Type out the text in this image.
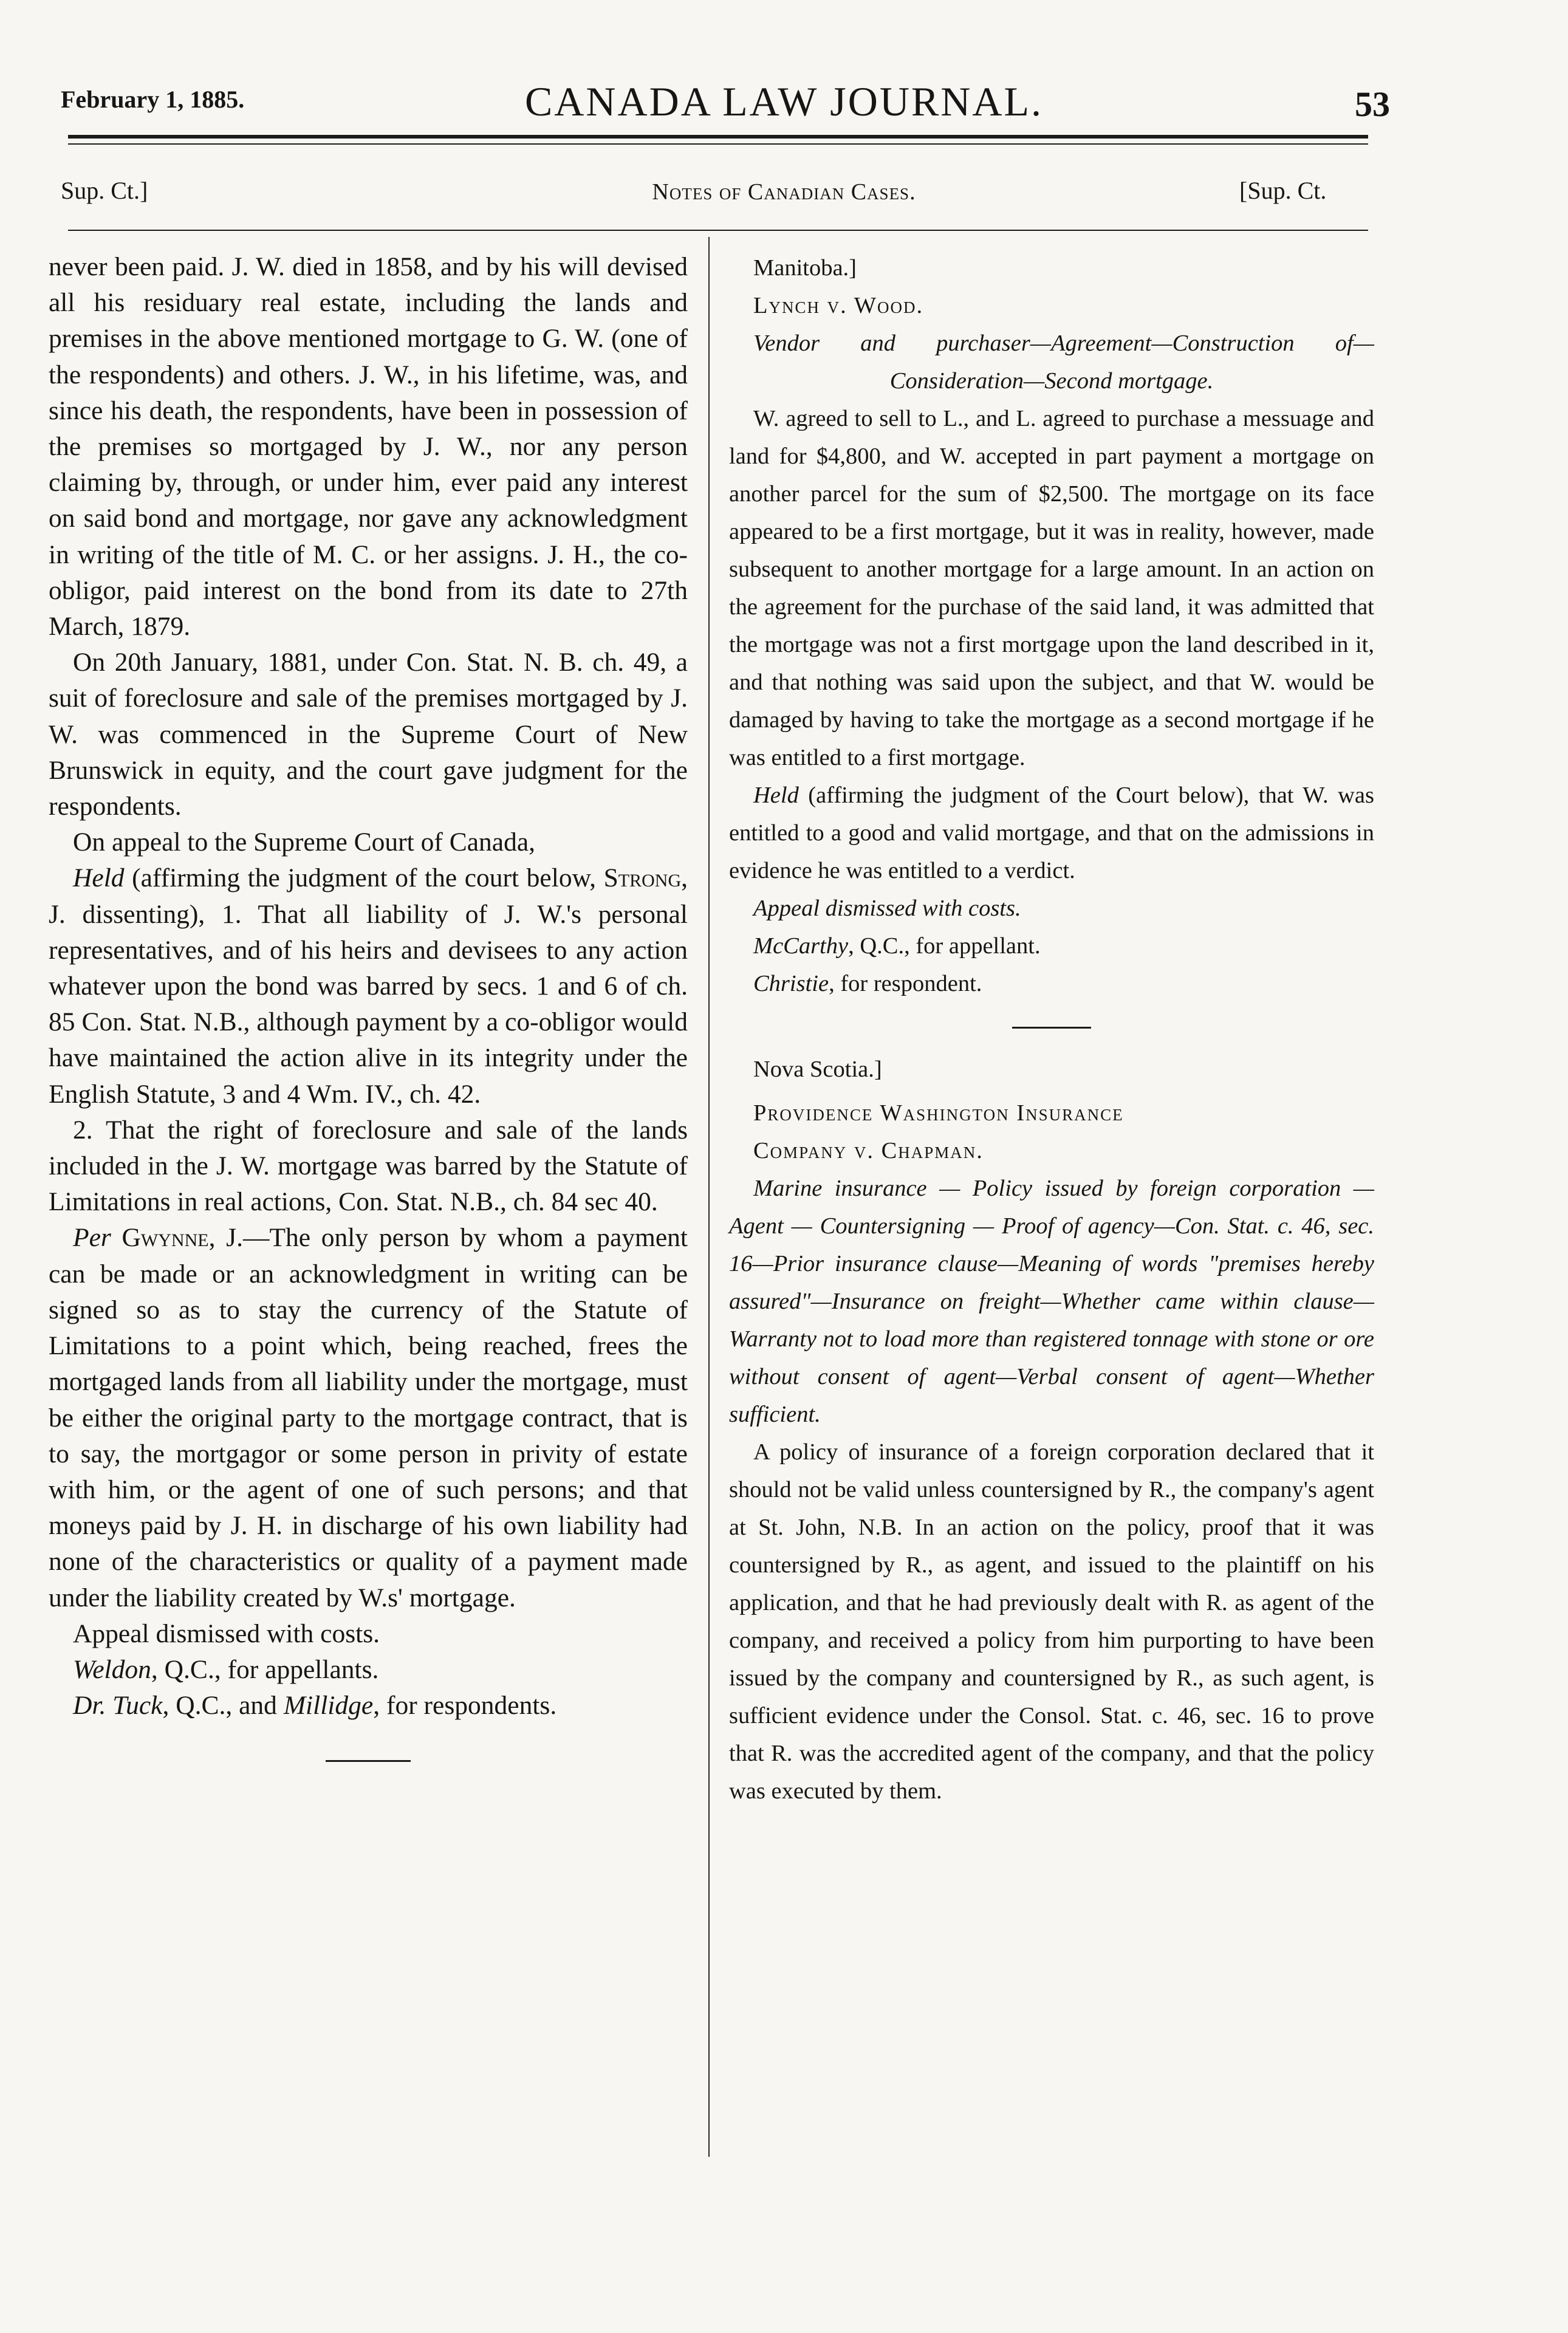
February 1, 1885.	CANADA LAW JOURNAL.	53
Sup. Ct.]	Notes of Canadian Cases.	[Sup. Ct.

never been paid. J. W. died in 1858, and by his will devised all his residuary real estate, including the lands and premises in the above mentioned mortgage to G. W. (one of the respondents) and others. J. W., in his lifetime, was, and since his death, the respondents, have been in possession of the premises so mortgaged by J. W., nor any person claiming by, through, or under him, ever paid any interest on said bond and mortgage, nor gave any acknowledgment in writing of the title of M. C. or her assigns. J. H., the co-obligor, paid interest on the bond from its date to 27th March, 1879.

On 20th January, 1881, under Con. Stat. N. B. ch. 49, a suit of foreclosure and sale of the premises mortgaged by J. W. was commenced in the Supreme Court of New Brunswick in equity, and the court gave judgment for the respondents.

On appeal to the Supreme Court of Canada,

Held (affirming the judgment of the court below, Strong, J. dissenting), 1. That all liability of J. W.'s personal representatives, and of his heirs and devisees to any action whatever upon the bond was barred by secs. 1 and 6 of ch. 85 Con. Stat. N.B., although payment by a co-obligor would have maintained the action alive in its integrity under the English Statute, 3 and 4 Wm. IV., ch. 42.

2. That the right of foreclosure and sale of the lands included in the J. W. mortgage was barred by the Statute of Limitations in real actions, Con. Stat. N.B., ch. 84 sec 40.

Per Gwynne, J.—The only person by whom a payment can be made or an acknowledgment in writing can be signed so as to stay the currency of the Statute of Limitations to a point which, being reached, frees the mortgaged lands from all liability under the mortgage, must be either the original party to the mortgage contract, that is to say, the mortgagor or some person in privity of estate with him, or the agent of one of such persons; and that moneys paid by J. H. in discharge of his own liability had none of the characteristics or quality of a payment made under the liability created by W.s' mortgage.

Appeal dismissed with costs.

Weldon, Q.C., for appellants.

Dr. Tuck, Q.C., and Millidge, for respondents.

Manitoba.]

Lynch v. Wood.

Vendor and purchaser—Agreement—Construction of—Consideration—Second mortgage.

W. agreed to sell to L., and L. agreed to purchase a messuage and land for $4,800, and W. accepted in part payment a mortgage on another parcel for the sum of $2,500. The mortgage on its face appeared to be a first mortgage, but it was in reality, however, made subsequent to another mortgage for a large amount. In an action on the agreement for the purchase of the said land, it was admitted that the mortgage was not a first mortgage upon the land described in it, and that nothing was said upon the subject, and that W. would be damaged by having to take the mortgage as a second mortgage if he was entitled to a first mortgage.

Held (affirming the judgment of the Court below), that W. was entitled to a good and valid mortgage, and that on the admissions in evidence he was entitled to a verdict.

Appeal dismissed with costs.

McCarthy, Q.C., for appellant.

Christie, for respondent.

Nova Scotia.]

Providence Washington Insurance

Company v. Chapman.

Marine insurance — Policy issued by foreign corporation — Agent — Countersigning — Proof of agency—Con. Stat. c. 46, sec. 16—Prior insurance clause—Meaning of words "premises hereby assured"—Insurance on freight—Whether came within clause—Warranty not to load more than registered tonnage with stone or ore without consent of agent—Verbal consent of agent—Whether sufficient.

A policy of insurance of a foreign corporation declared that it should not be valid unless countersigned by R., the company's agent at St. John, N.B. In an action on the policy, proof that it was countersigned by R., as agent, and issued to the plaintiff on his application, and that he had previously dealt with R. as agent of the company, and received a policy from him purporting to have been issued by the company and countersigned by R., as such agent, is sufficient evidence under the Consol. Stat. c. 46, sec. 16 to prove that R. was the accredited agent of the company, and that the policy was executed by them.
